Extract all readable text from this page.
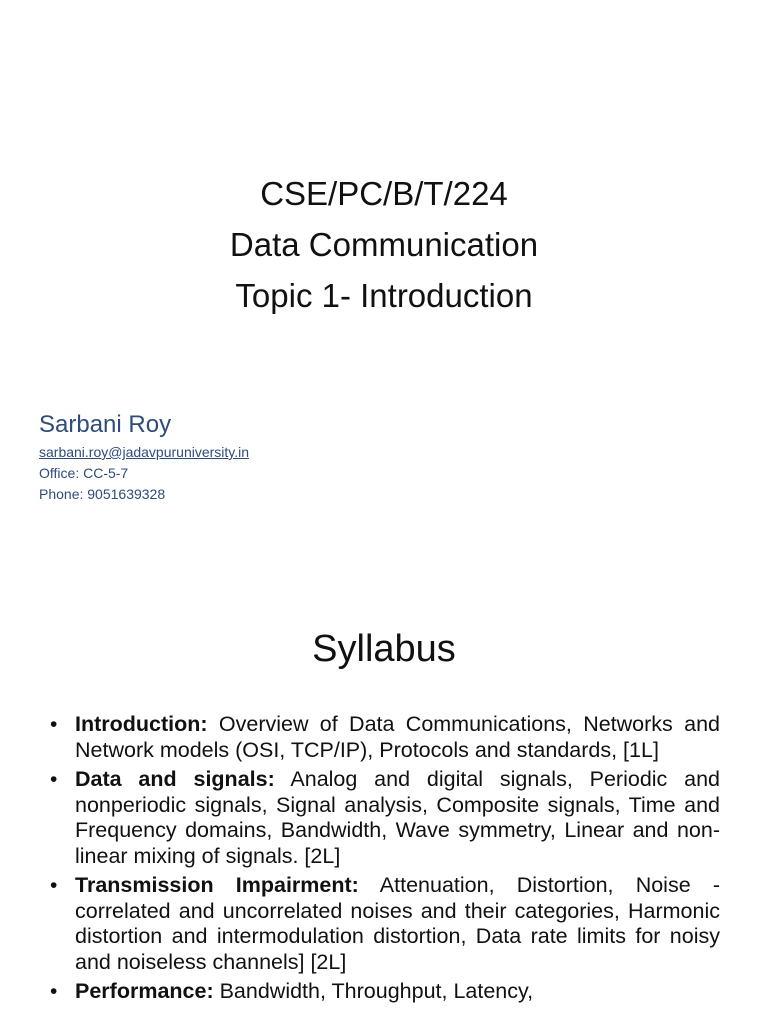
CSE/PC/B/T/224
Data Communication
Topic 1- Introduction
Sarbani Roy
sarbani.roy@jadavpuruniversity.in
Office: CC-5-7
Phone: 9051639328
Syllabus
• Introduction: Overview of Data Communications, Networks and Network models (OSI, TCP/IP), Protocols and standards, [1L]
• Data and signals: Analog and digital signals, Periodic and nonperiodic signals, Signal analysis, Composite signals, Time and Frequency domains, Bandwidth, Wave symmetry, Linear and non-linear mixing of signals. [2L]
• Transmission Impairment: Attenuation, Distortion, Noise - correlated and uncorrelated noises and their categories, Harmonic distortion and intermodulation distortion, Data rate limits for noisy and noiseless channels] [2L]
• Performance: Bandwidth, Throughput, Latency,
